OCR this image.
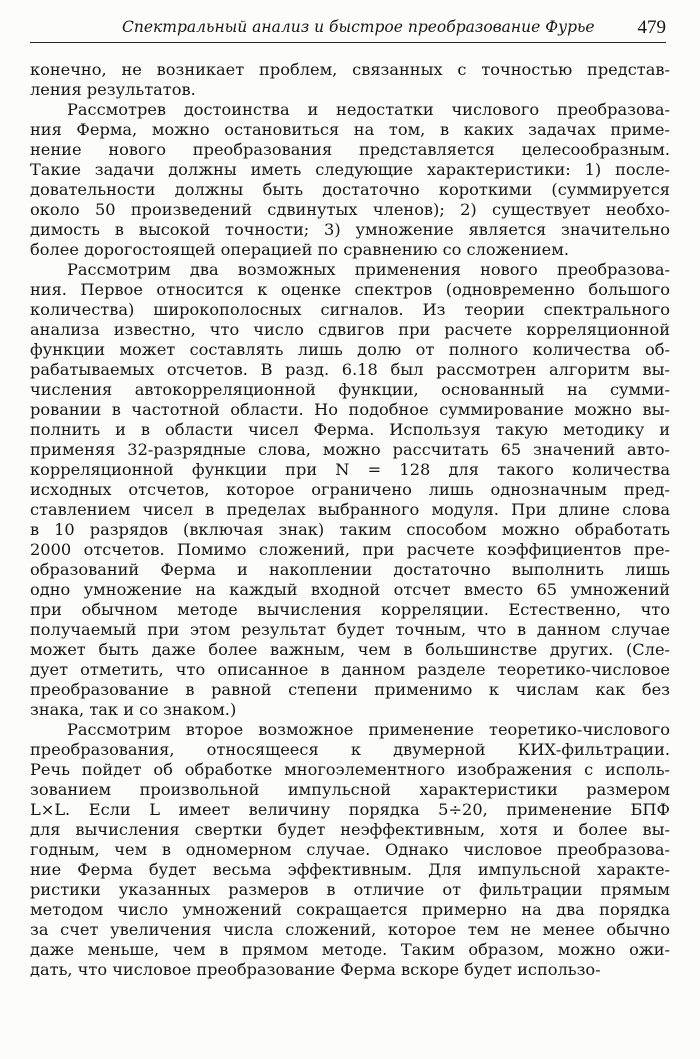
Спектральный анализ и быстрое преобразование Фурье 479
конечно, не возникает проблем, связанных с точностью представ-
ления результатов.
Рассмотрев достоинства и недостатки числового преобразова-
ния Ферма, можно остановиться на том, в каких задачах приме-
нение нового преобразования представляется целесообразным.
Такие задачи должны иметь следующие характеристики: 1) после-
довательности должны быть достаточно короткими (суммируется
около 50 произведений сдвинутых членов); 2) существует необхо-
димость в высокой точности; 3) умножение является значительно
более дорогостоящей операцией по сравнению со сложением.
Рассмотрим два возможных применения нового преобразова-
ния. Первое относится к оценке спектров (одновременно большого
количества) широкополосных сигналов. Из теории спектрального
анализа известно, что число сдвигов при расчете корреляционной
функции может составлять лишь долю от полного количества об-
рабатываемых отсчетов. В разд. 6.18 был рассмотрен алгоритм вы-
числения автокорреляционной функции, основанный на сумми-
ровании в частотной области. Но подобное суммирование можно вы-
полнить и в области чисел Ферма. Используя такую методику и
применяя 32-разрядные слова, можно рассчитать 65 значений авто-
корреляционной функции при N = 128 для такого количества
исходных отсчетов, которое ограничено лишь однозначным пред-
ставлением чисел в пределах выбранного модуля. При длине слова
в 10 разрядов (включая знак) таким способом можно обработать
2000 отсчетов. Помимо сложений, при расчете коэффициентов пре-
образований Ферма и накоплении достаточно выполнить лишь
одно умножение на каждый входной отсчет вместо 65 умножений
при обычном методе вычисления корреляции. Естественно, что
получаемый при этом результат будет точным, что в данном случае
может быть даже более важным, чем в большинстве других. (Сле-
дует отметить, что описанное в данном разделе теоретико-числовое
преобразование в равной степени применимо к числам как без
знака, так и со знаком.)
Рассмотрим второе возможное применение теоретико-числового
преобразования, относящееся к двумерной КИХ-фильтрации.
Речь пойдет об обработке многоэлементного изображения с исполь-
зованием произвольной импульсной характеристики размером
L×L. Если L имеет величину порядка 5÷20, применение БПФ
для вычисления свертки будет неэффективным, хотя и более вы-
годным, чем в одномерном случае. Однако числовое преобразова-
ние Ферма будет весьма эффективным. Для импульсной характе-
ристики указанных размеров в отличие от фильтрации прямым
методом число умножений сокращается примерно на два порядка
за счет увеличения числа сложений, которое тем не менее обычно
даже меньше, чем в прямом методе. Таким образом, можно ожи-
дать, что числовое преобразование Ферма вскоре будет использо-
